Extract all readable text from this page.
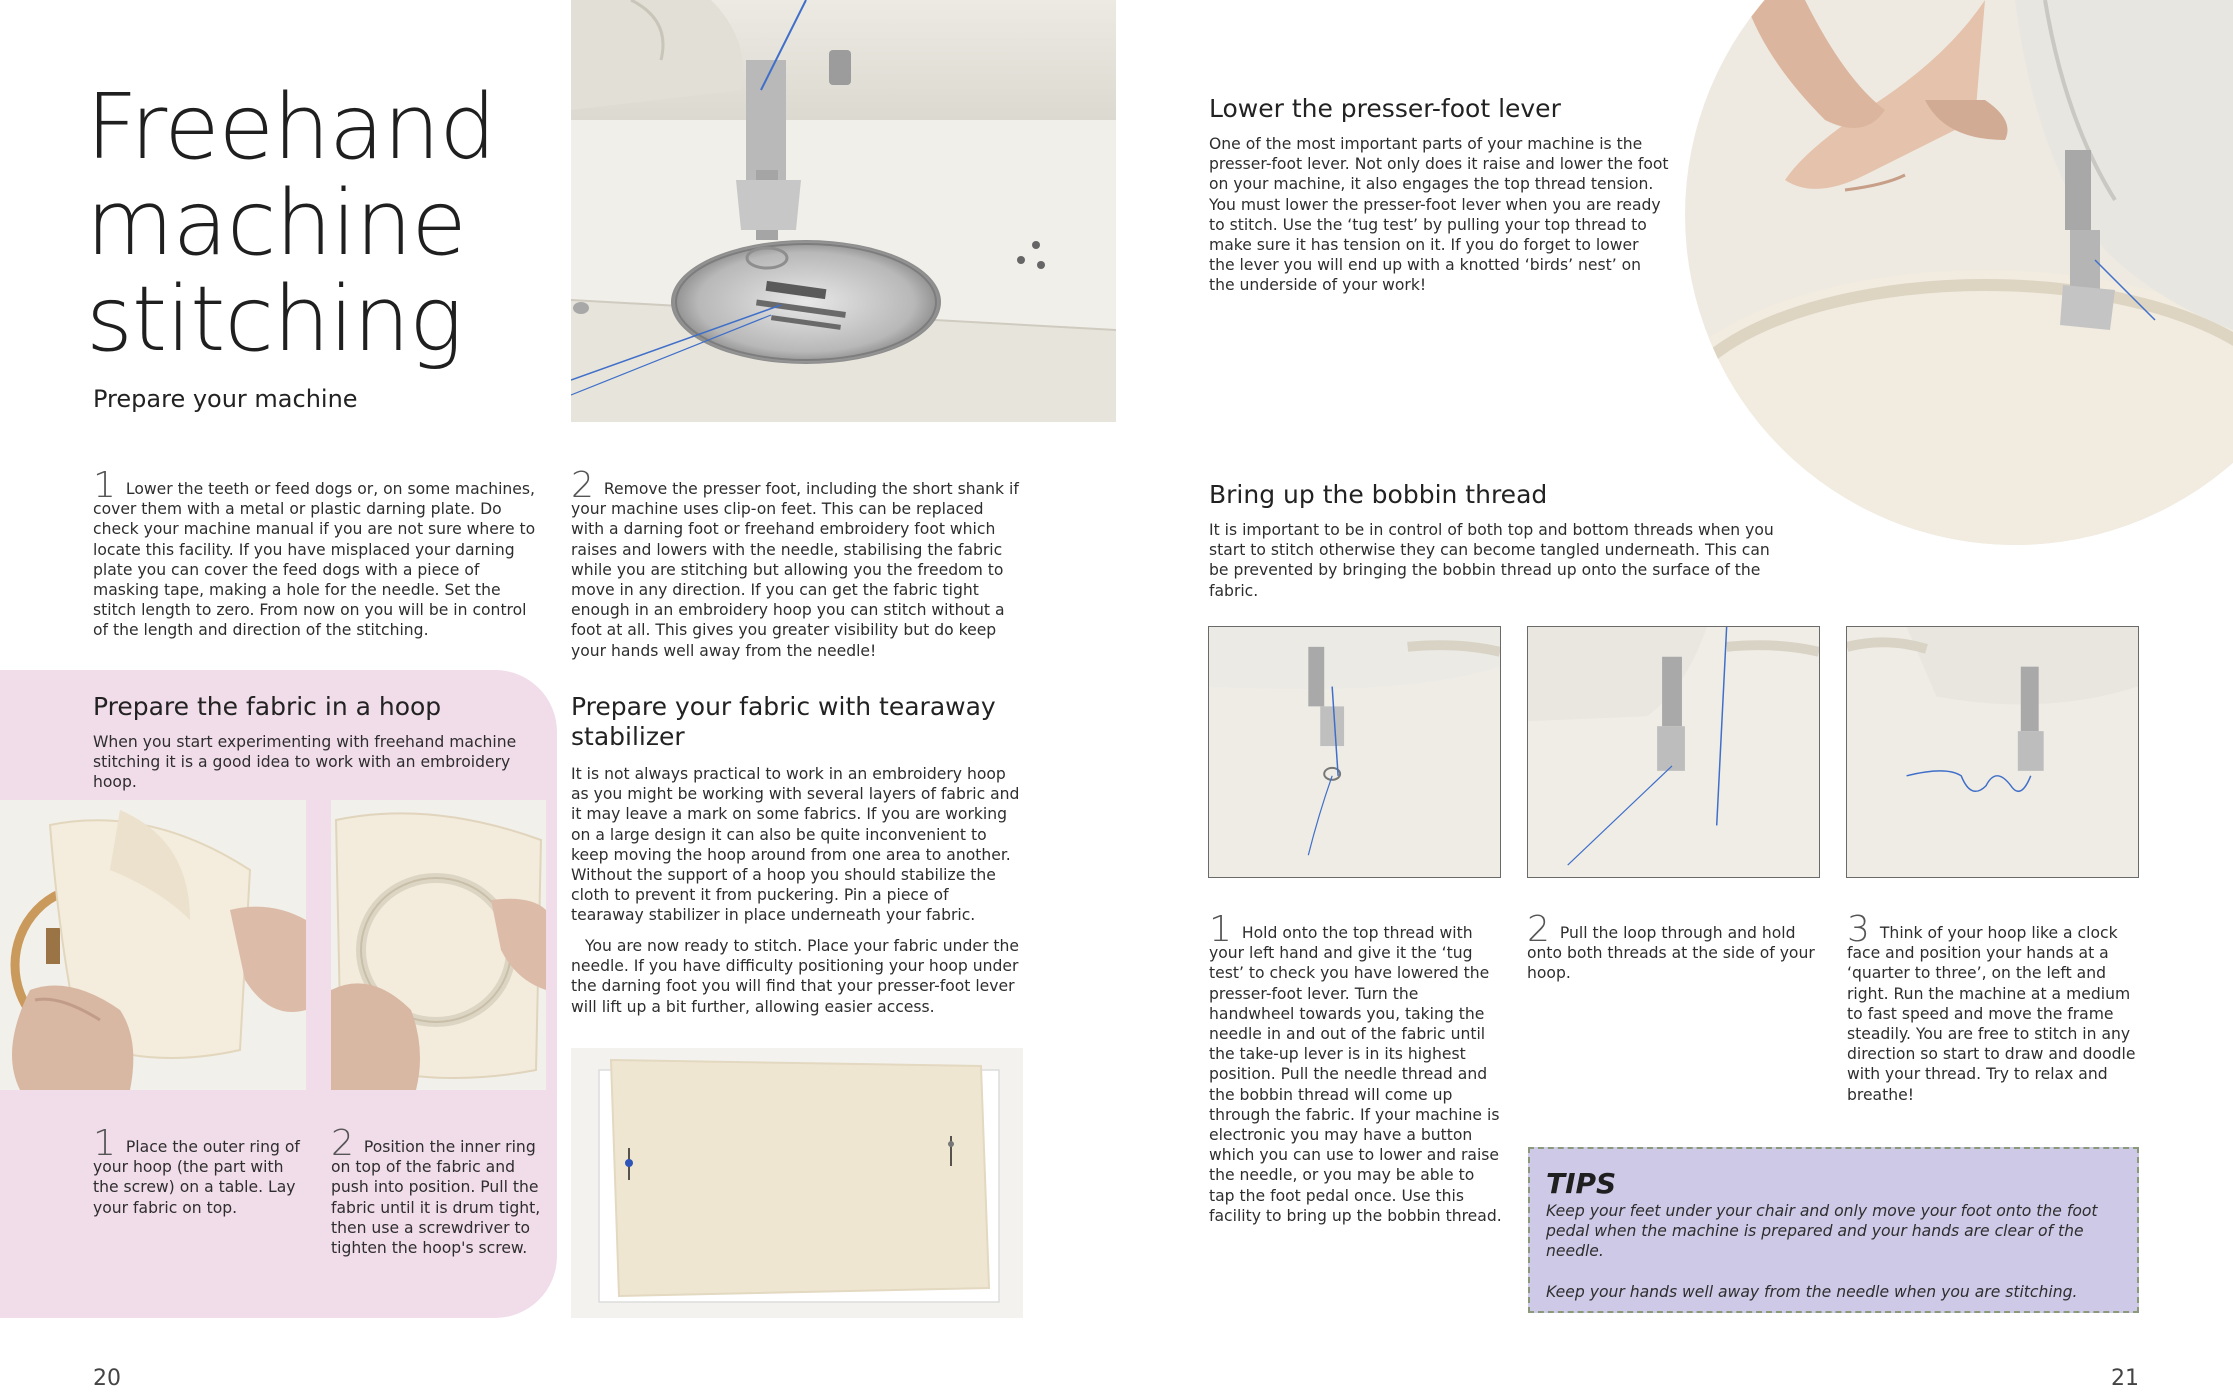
Freehand
machine
stitching
Prepare your machine
1 Lower the teeth or feed dogs or, on some machines, cover them with a metal or plastic darning plate. Do check your machine manual if you are not sure where to locate this facility. If you have misplaced your darning plate you can cover the feed dogs with a piece of masking tape, making a hole for the needle. Set the stitch length to zero. From now on you will be in control of the length and direction of the stitching.
2 Remove the presser foot, including the short shank if your machine uses clip-on feet. This can be replaced with a darning foot or freehand embroidery foot which raises and lowers with the needle, stabilising the fabric while you are stitching but allowing you the freedom to move in any direction. If you can get the fabric tight enough in an embroidery hoop you can stitch without a foot at all. This gives you greater visibility but do keep your hands well away from the needle!
Prepare the fabric in a hoop
When you start experimenting with freehand machine stitching it is a good idea to work with an embroidery hoop.
1 Place the outer ring of your hoop (the part with the screw) on a table. Lay your fabric on top.
2 Position the inner ring on top of the fabric and push into position. Pull the fabric until it is drum tight, then use a screwdriver to tighten the hoop's screw.
Prepare your fabric with tearaway
stabilizer
It is not always practical to work in an embroidery hoop as you might be working with several layers of fabric and it may leave a mark on some fabrics. If you are working on a large design it can also be quite inconvenient to keep moving the hoop around from one area to another. Without the support of a hoop you should stabilize the cloth to prevent it from puckering. Pin a piece of tearaway stabilizer in place underneath your fabric.
You are now ready to stitch. Place your fabric under the needle. If you have difficulty positioning your hoop under the darning foot you will find that your presser-foot lever will lift up a bit further, allowing easier access.
20
Lower the presser-foot lever
One of the most important parts of your machine is the presser-foot lever. Not only does it raise and lower the foot on your machine, it also engages the top thread tension. You must lower the presser-foot lever when you are ready to stitch. Use the ‘tug test’ by pulling your top thread to make sure it has tension on it. If you do forget to lower the lever you will end up with a knotted ‘birds’ nest’ on the underside of your work!
Bring up the bobbin thread
It is important to be in control of both top and bottom threads when you start to stitch otherwise they can become tangled underneath. This can be prevented by bringing the bobbin thread up onto the surface of the fabric.
1 Hold onto the top thread with your left hand and give it the ‘tug test’ to check you have lowered the presser-foot lever. Turn the handwheel towards you, taking the needle in and out of the fabric until the take-up lever is in its highest position. Pull the needle thread and the bobbin thread will come up through the fabric. If your machine is electronic you may have a button which you can use to lower and raise the needle, or you may be able to tap the foot pedal once. Use this facility to bring up the bobbin thread.
2 Pull the loop through and hold onto both threads at the side of your hoop.
3 Think of your hoop like a clock face and position your hands at a ‘quarter to three’, on the left and right. Run the machine at a medium to fast speed and move the frame steadily. You are free to stitch in any direction so start to draw and doodle with your thread. Try to relax and breathe!
TIPS
Keep your feet under your chair and only move your foot onto the foot pedal when the machine is prepared and your hands are clear of the needle.
Keep your hands well away from the needle when you are stitching.
21
